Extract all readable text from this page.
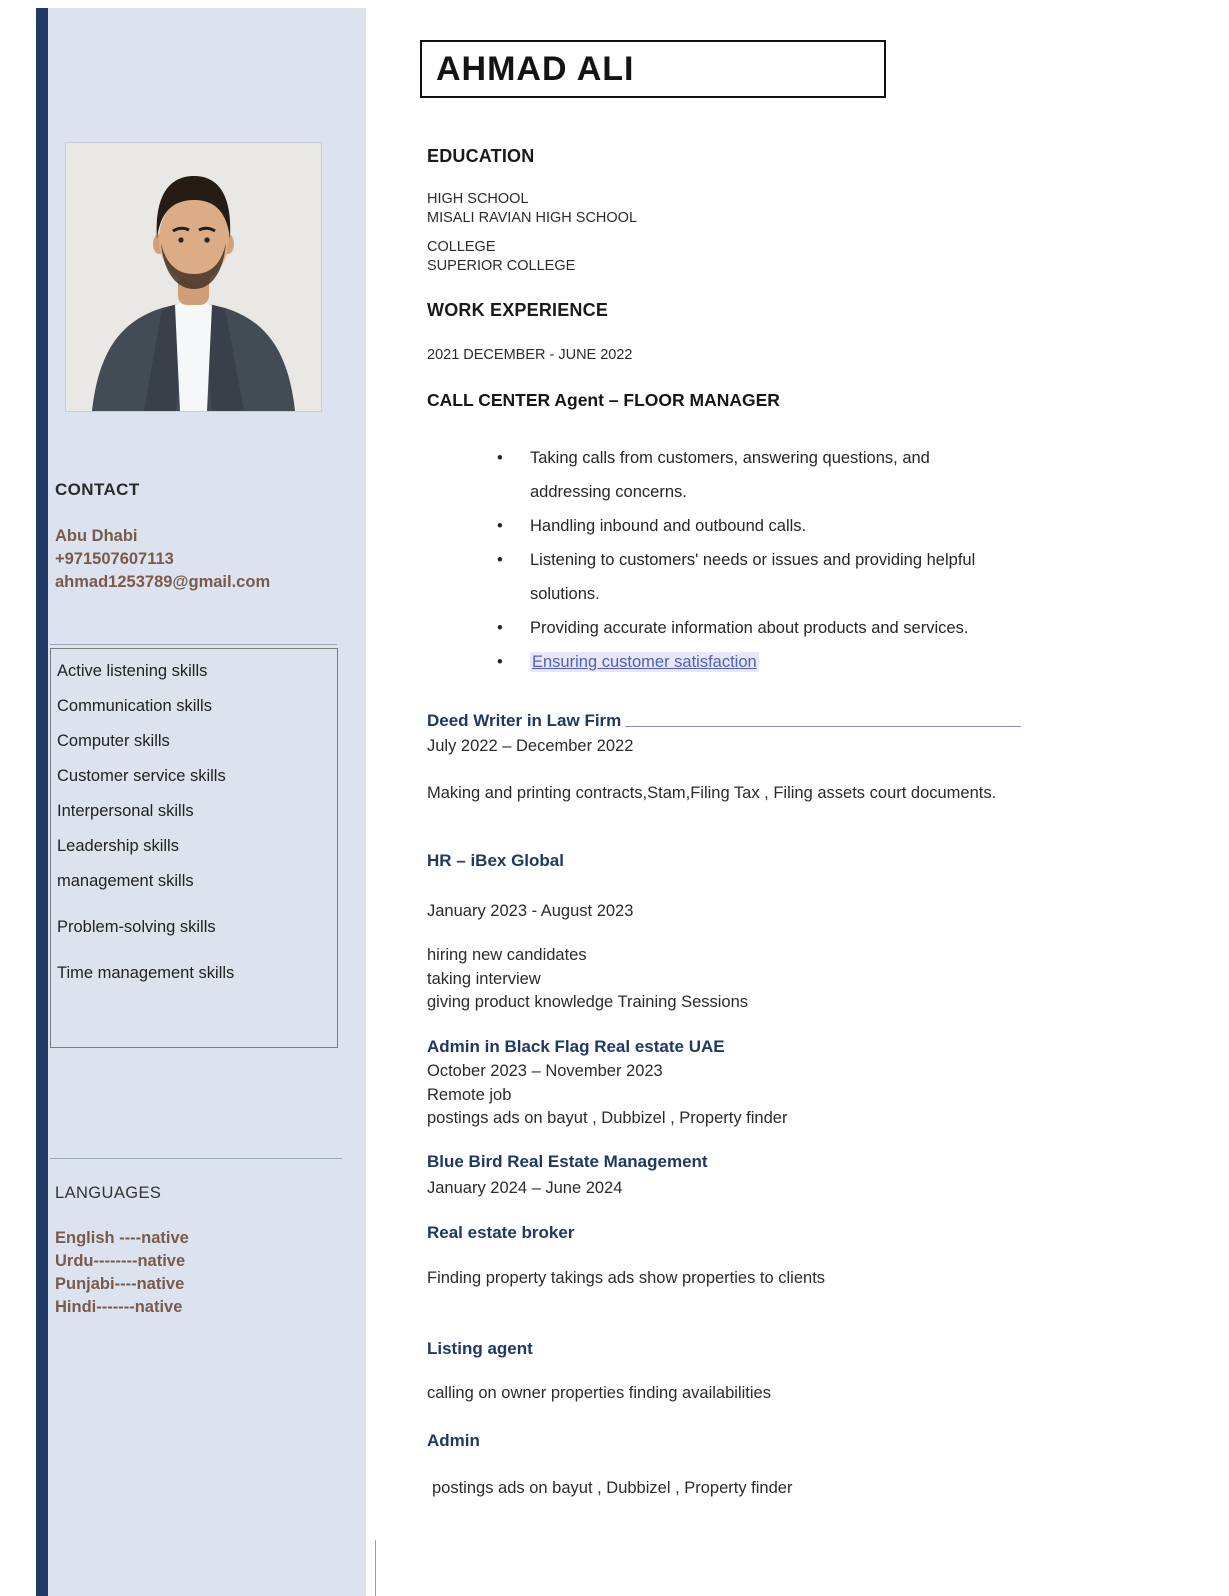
CONTACT
Abu Dhabi
+971507607113
ahmad1253789@gmail.com
Active listening skills
Communication skills
Computer skills
Customer service skills
Interpersonal skills
Leadership skills
management skills
Problem-solving skills
Time management skills
LANGUAGES
English ----native
Urdu--------native
Punjabi----native
Hindi-------native
AHMAD ALI
EDUCATION
HIGH SCHOOL
MISALI RAVIAN HIGH SCHOOL
COLLEGE
SUPERIOR COLLEGE
WORK EXPERIENCE
2021 DECEMBER - JUNE 2022
CALL CENTER Agent – FLOOR MANAGER
• Taking calls from customers, answering questions, and addressing concerns.
• Handling inbound and outbound calls.
• Listening to customers' needs or issues and providing helpful solutions.
• Providing accurate information about products and services.
• Ensuring customer satisfaction
Deed Writer in Law Firm
July 2022 – December 2022
Making and printing contracts,Stam,Filing Tax , Filing assets court documents.
HR – iBex Global
January 2023 - August 2023
hiring new candidates
taking interview
giving product knowledge Training Sessions
Admin in Black Flag Real estate UAE
October 2023 – November 2023
Remote job
postings ads on bayut , Dubbizel , Property finder
Blue Bird Real Estate Management
January 2024 – June 2024
Real estate broker
Finding property takings ads show properties to clients
Listing agent
calling on owner properties finding availabilities
Admin
postings ads on bayut , Dubbizel , Property finder
